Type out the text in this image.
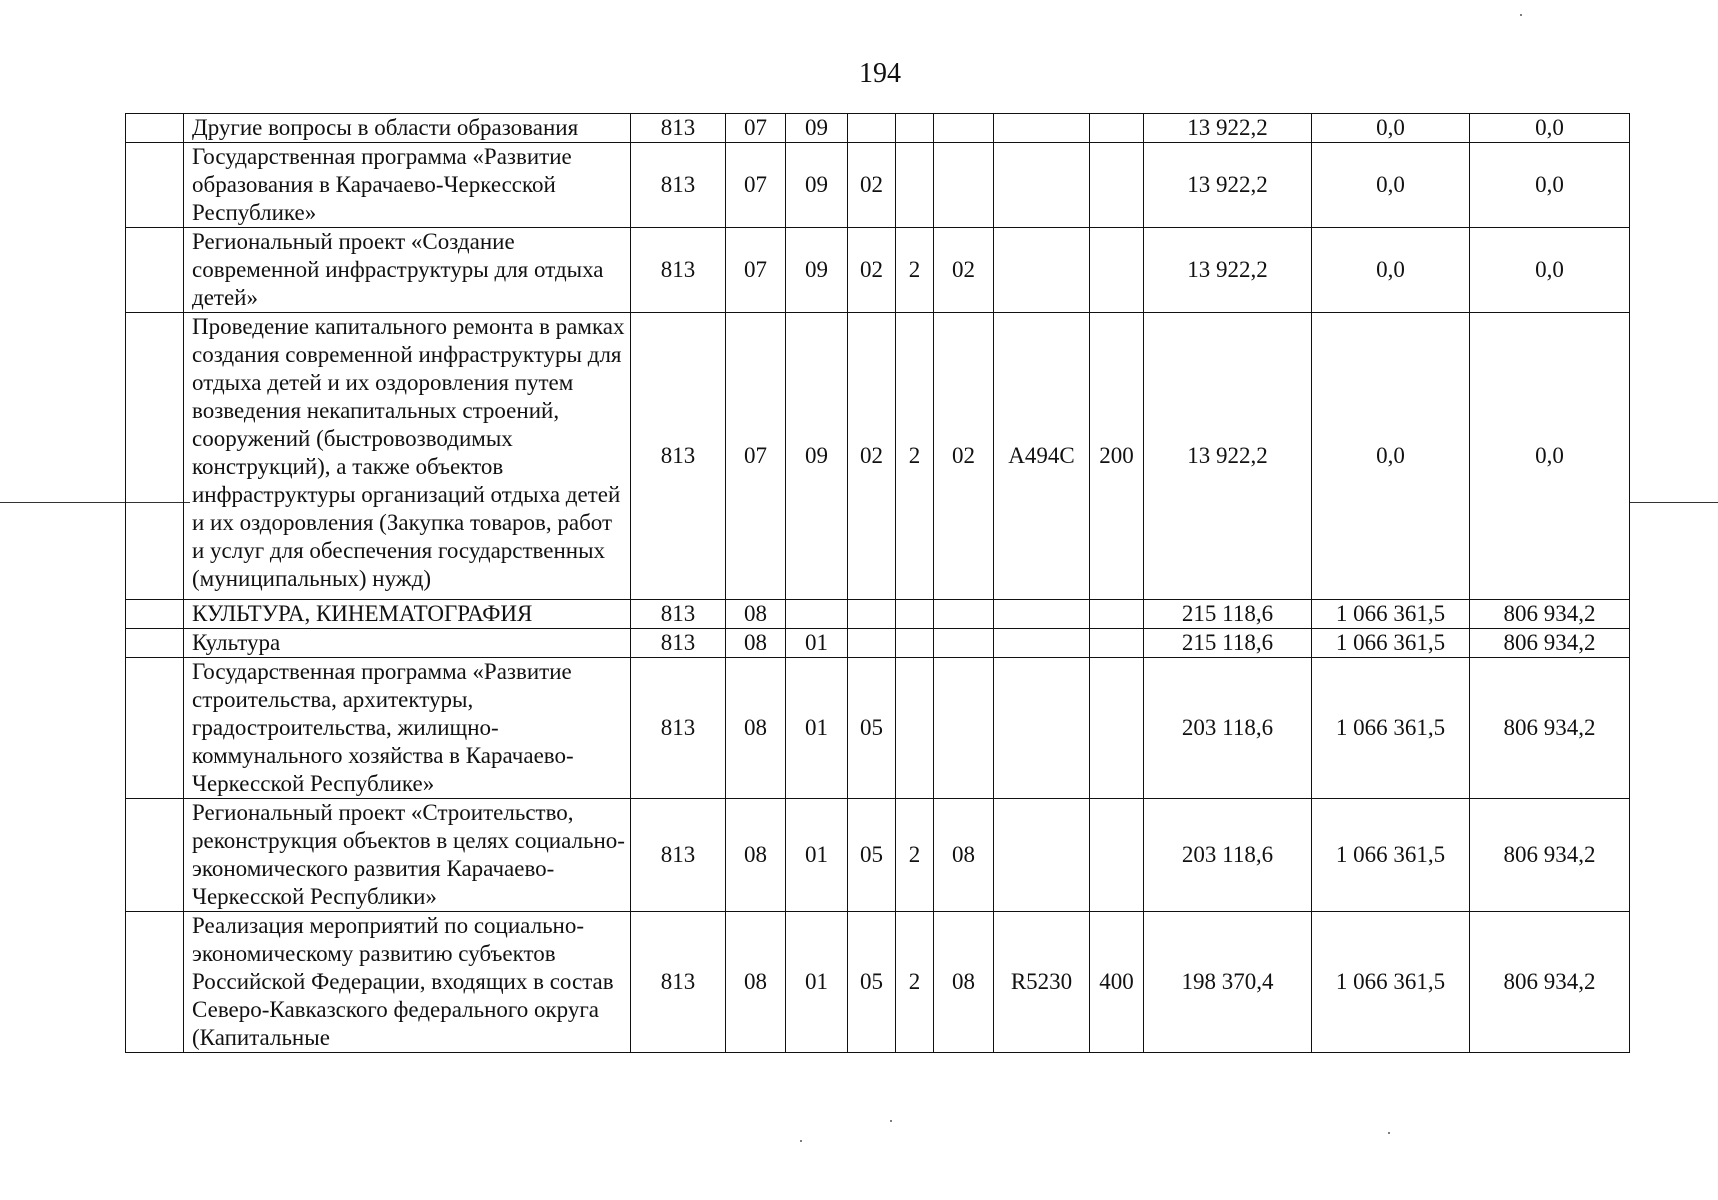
194
	Другие вопросы в области образования	813	07	09						13 922,2	0,0	0,0
	Государственная программа «Развитие образования в Карачаево-Черкесской Республике»	813	07	09	02					13 922,2	0,0	0,0
	Региональный проект «Создание современной инфраструктуры для отдыха детей»	813	07	09	02	2	02			13 922,2	0,0	0,0
	Проведение капитального ремонта в рамках создания современной инфраструктуры для отдыха детей и их оздоровления путем возведения некапитальных строений, сооружений (быстровозводимых конструкций), а также объектов инфраструктуры организаций отдыха детей и их оздоровления (Закупка товаров, работ и услуг для обеспечения государственных (муниципальных) нужд)	813	07	09	02	2	02	А494С	200	13 922,2	0,0	0,0
	КУЛЬТУРА, КИНЕМАТОГРАФИЯ	813	08							215 118,6	1 066 361,5	806 934,2
	Культура	813	08	01						215 118,6	1 066 361,5	806 934,2
	Государственная программа «Развитие строительства, архитектуры, градостроительства, жилищно-коммунального хозяйства в Карачаево-Черкесской Республике»	813	08	01	05					203 118,6	1 066 361,5	806 934,2
	Региональный проект «Строительство, реконструкция объектов в целях социально-экономического развития Карачаево-Черкесской Республики»	813	08	01	05	2	08			203 118,6	1 066 361,5	806 934,2
	Реализация мероприятий по социально-экономическому развитию субъектов Российской Федерации, входящих в состав Северо-Кавказского федерального округа (Капитальные	813	08	01	05	2	08	R5230	400	198 370,4	1 066 361,5	806 934,2
